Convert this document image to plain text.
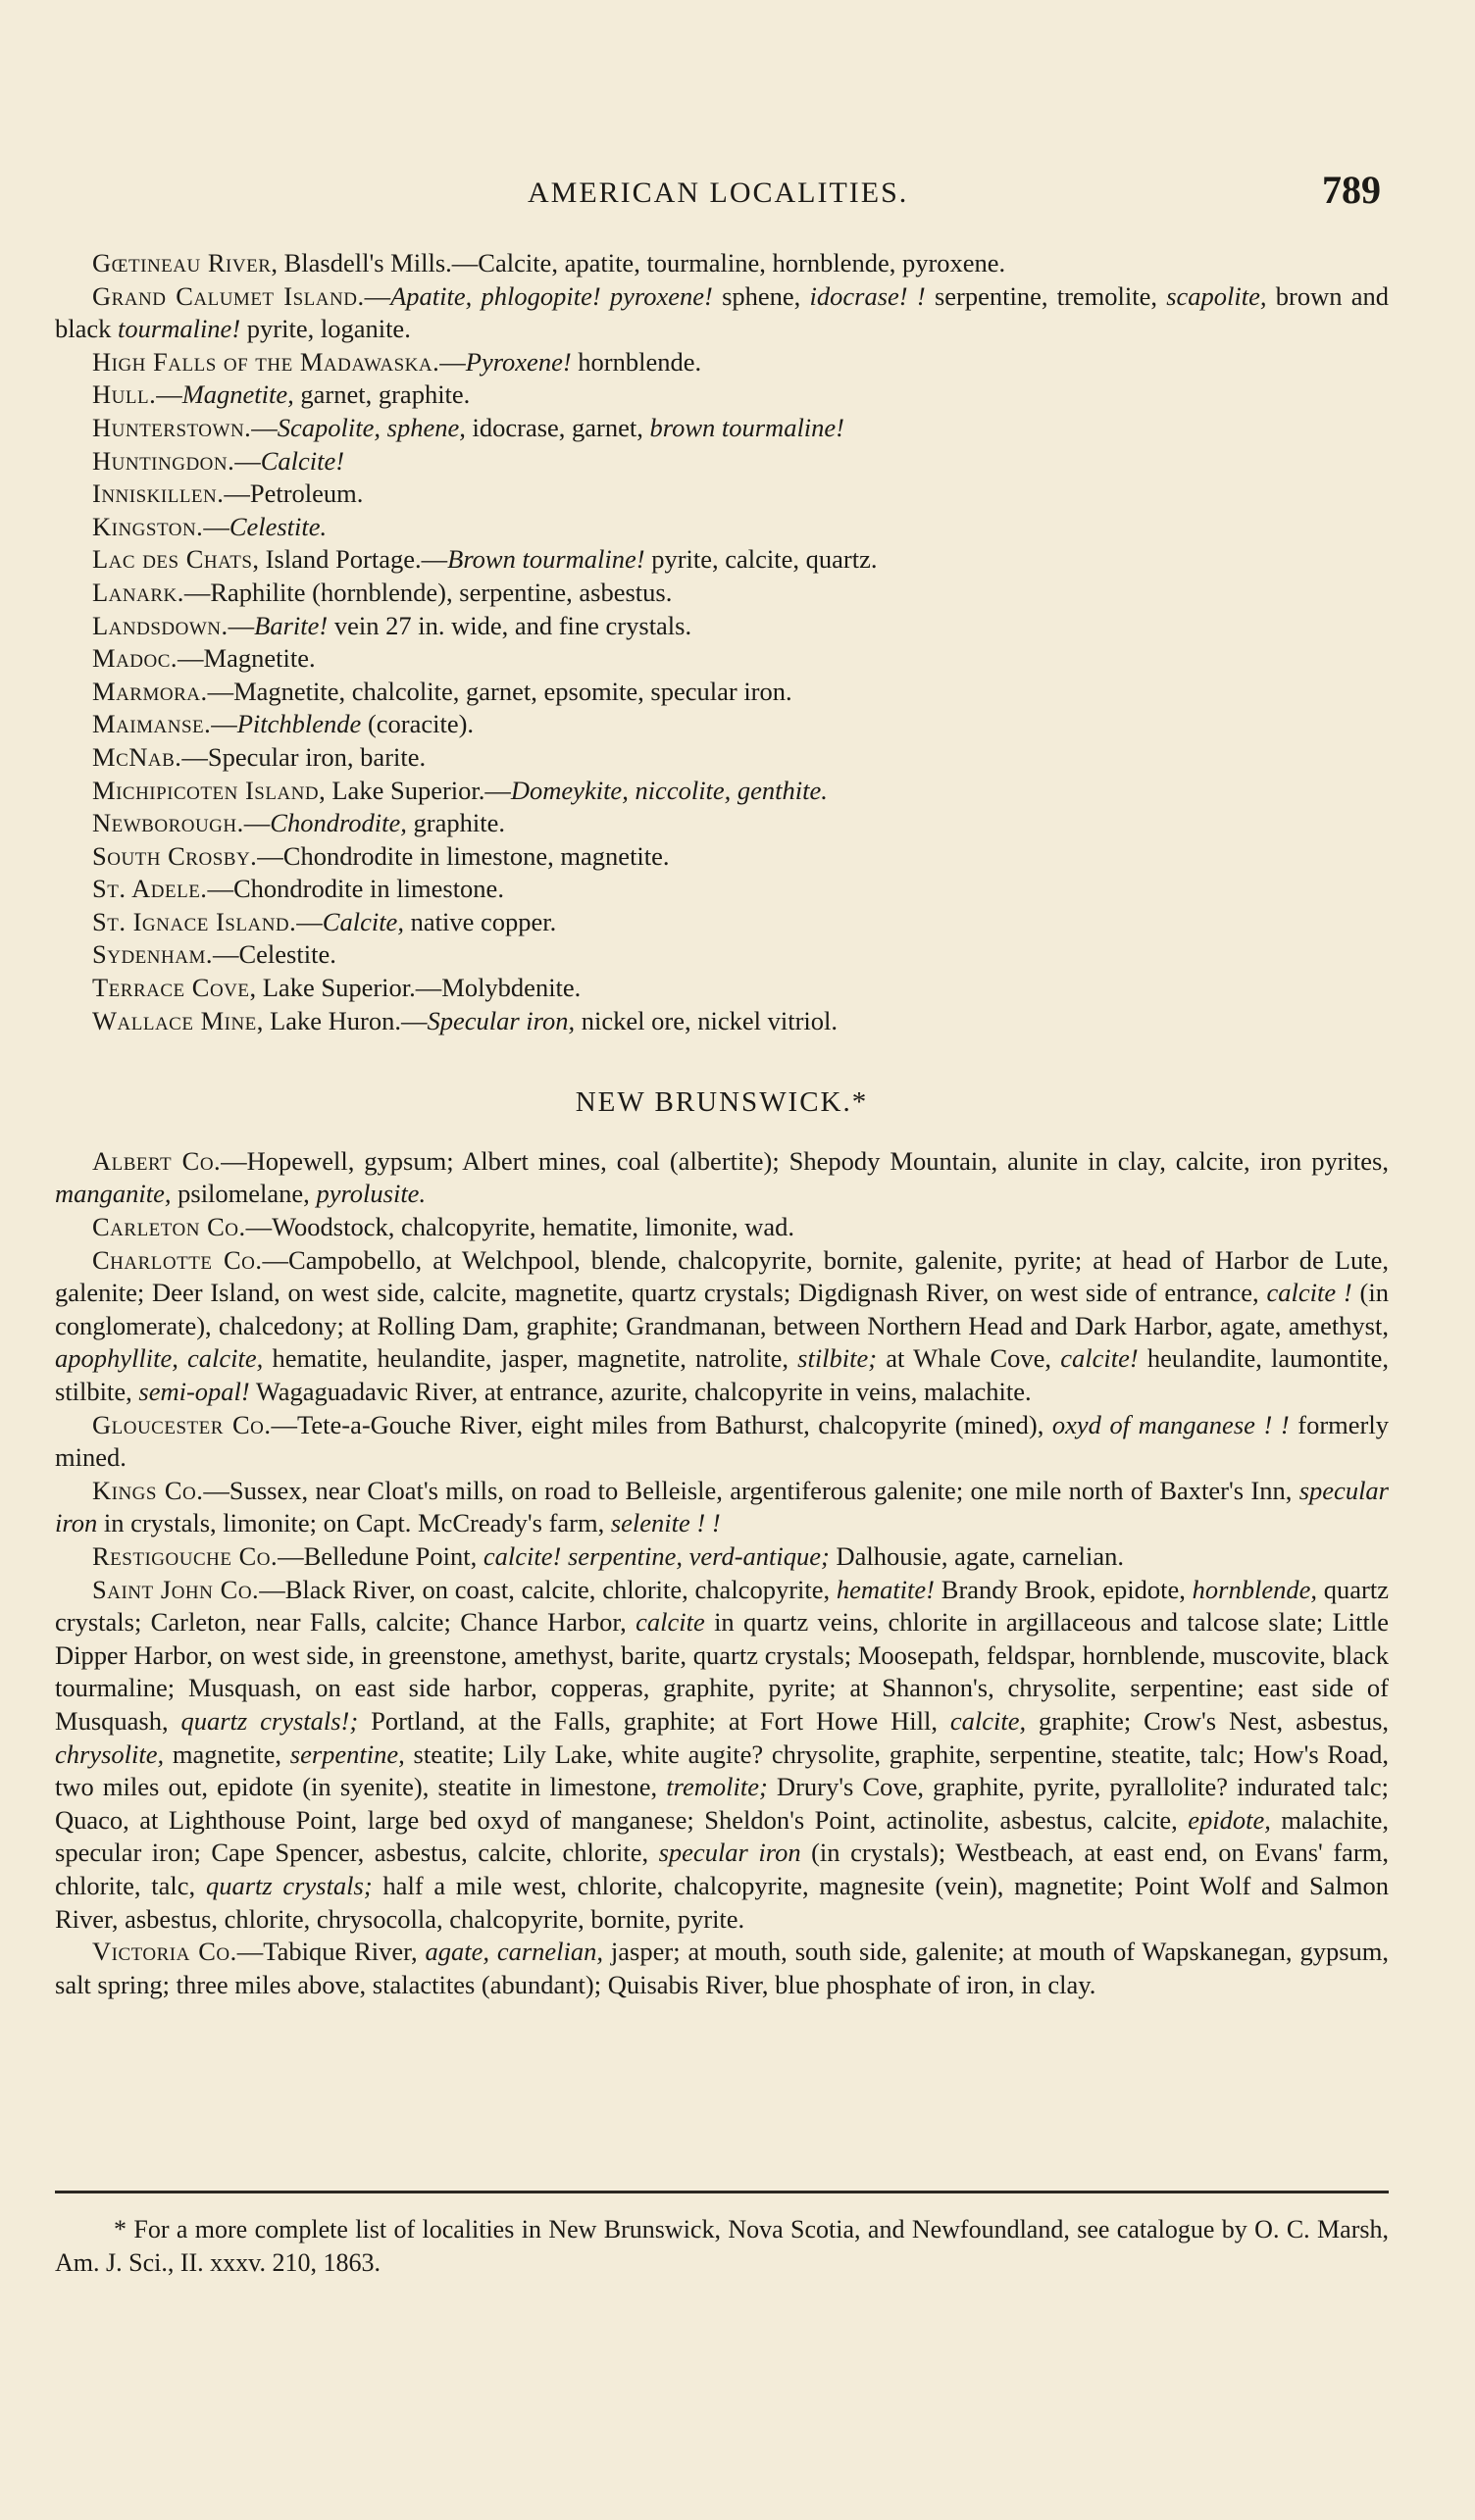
AMERICAN LOCALITIES.	789

Gœtineau River, Blasdell's Mills.—Calcite, apatite, tourmaline, hornblende, pyroxene.

Grand Calumet Island.—Apatite, phlogopite! pyroxene! sphene, idocrase! ! serpentine, tremolite, scapolite, brown and black tourmaline! pyrite, loganite.

High Falls of the Madawaska.—Pyroxene! hornblende.

Hull.—Magnetite, garnet, graphite.

Hunterstown.—Scapolite, sphene, idocrase, garnet, brown tourmaline!

Huntingdon.—Calcite!

Inniskillen.—Petroleum.

Kingston.—Celestite.

Lac des Chats, Island Portage.—Brown tourmaline! pyrite, calcite, quartz.

Lanark.—Raphilite (hornblende), serpentine, asbestus.

Landsdown.—Barite! vein 27 in. wide, and fine crystals.

Madoc.—Magnetite.

Marmora.—Magnetite, chalcolite, garnet, epsomite, specular iron.

Maimanse.—Pitchblende (coracite).

McNab.—Specular iron, barite.

Michipicoten Island, Lake Superior.—Domeykite, niccolite, genthite.

Newborough.—Chondrodite, graphite.

South Crosby.—Chondrodite in limestone, magnetite.

St. Adele.—Chondrodite in limestone.

St. Ignace Island.—Calcite, native copper.

Sydenham.—Celestite.

Terrace Cove, Lake Superior.—Molybdenite.

Wallace Mine, Lake Huron.—Specular iron, nickel ore, nickel vitriol.

NEW BRUNSWICK.*

Albert Co.—Hopewell, gypsum; Albert mines, coal (albertite); Shepody Mountain, alunite in clay, calcite, iron pyrites, manganite, psilomelane, pyrolusite.

Carleton Co.—Woodstock, chalcopyrite, hematite, limonite, wad.

Charlotte Co.—Campobello, at Welchpool, blende, chalcopyrite, bornite, galenite, pyrite; at head of Harbor de Lute, galenite; Deer Island, on west side, calcite, magnetite, quartz crystals; Digdignash River, on west side of entrance, calcite ! (in conglomerate), chalcedony; at Rolling Dam, graphite; Grandmanan, between Northern Head and Dark Harbor, agate, amethyst, apophyllite, calcite, hematite, heulandite, jasper, magnetite, natrolite, stilbite; at Whale Cove, calcite! heulandite, laumontite, stilbite, semi-opal! Wagaguadavic River, at entrance, azurite, chalcopyrite in veins, malachite.

Gloucester Co.—Tete-a-Gouche River, eight miles from Bathurst, chalcopyrite (mined), oxyd of manganese ! ! formerly mined.

Kings Co.—Sussex, near Cloat's mills, on road to Belleisle, argentiferous galenite; one mile north of Baxter's Inn, specular iron in crystals, limonite; on Capt. McCready's farm, selenite ! !

Restigouche Co.—Belledune Point, calcite! serpentine, verd-antique; Dalhousie, agate, carnelian.

Saint John Co.—Black River, on coast, calcite, chlorite, chalcopyrite, hematite! Brandy Brook, epidote, hornblende, quartz crystals; Carleton, near Falls, calcite; Chance Harbor, calcite in quartz veins, chlorite in argillaceous and talcose slate; Little Dipper Harbor, on west side, in greenstone, amethyst, barite, quartz crystals; Moosepath, feldspar, hornblende, muscovite, black tourmaline; Musquash, on east side harbor, copperas, graphite, pyrite; at Shannon's, chrysolite, serpentine; east side of Musquash, quartz crystals!; Portland, at the Falls, graphite; at Fort Howe Hill, calcite, graphite; Crow's Nest, asbestus, chrysolite, magnetite, serpentine, steatite; Lily Lake, white augite? chrysolite, graphite, serpentine, steatite, talc; How's Road, two miles out, epidote (in syenite), steatite in limestone, tremolite; Drury's Cove, graphite, pyrite, pyrallolite? indurated talc; Quaco, at Lighthouse Point, large bed oxyd of manganese; Sheldon's Point, actinolite, asbestus, calcite, epidote, malachite, specular iron; Cape Spencer, asbestus, calcite, chlorite, specular iron (in crystals); Westbeach, at east end, on Evans' farm, chlorite, talc, quartz crystals; half a mile west, chlorite, chalcopyrite, magnesite (vein), magnetite; Point Wolf and Salmon River, asbestus, chlorite, chrysocolla, chalcopyrite, bornite, pyrite.

Victoria Co.—Tabique River, agate, carnelian, jasper; at mouth, south side, galenite; at mouth of Wapskanegan, gypsum, salt spring; three miles above, stalactites (abundant); Quisabis River, blue phosphate of iron, in clay.

* For a more complete list of localities in New Brunswick, Nova Scotia, and Newfoundland, see catalogue by O. C. Marsh, Am. J. Sci., II. xxxv. 210, 1863.
